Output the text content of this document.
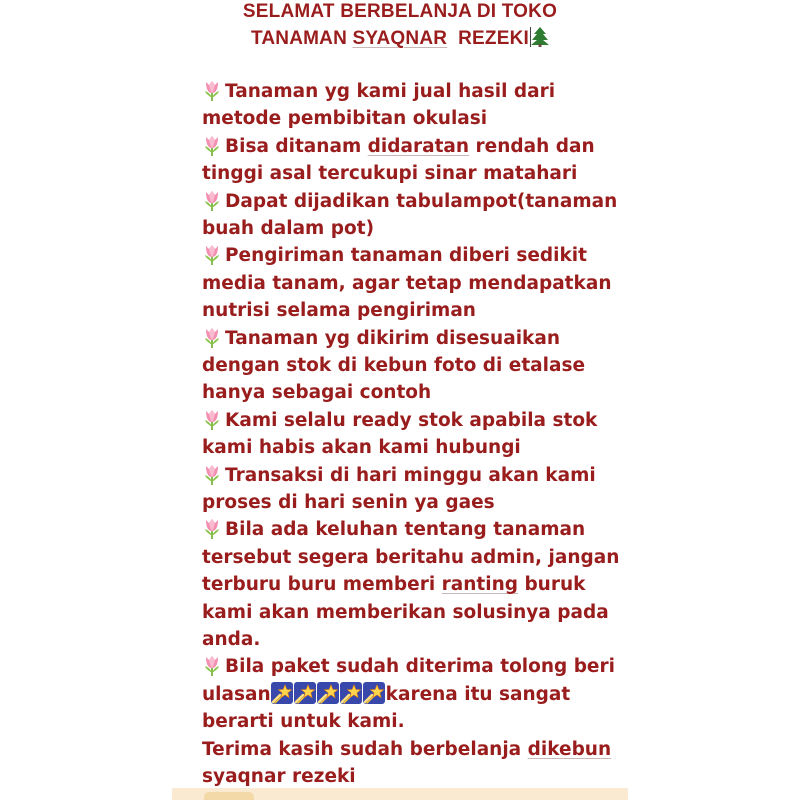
SELAMAT BERBELANJA DI TOKO
TANAMAN SYAQNAR  REZEKI
Tanaman yg kami jual hasil dari
metode pembibitan okulasi
Bisa ditanam didaratan rendah dan
tinggi asal tercukupi sinar matahari
Dapat dijadikan tabulampot(tanaman
buah dalam pot)
Pengiriman tanaman diberi sedikit
media tanam, agar tetap mendapatkan
nutrisi selama pengiriman
Tanaman yg dikirim disesuaikan
dengan stok di kebun foto di etalase
hanya sebagai contoh
Kami selalu ready stok apabila stok
kami habis akan kami hubungi
Transaksi di hari minggu akan kami
proses di hari senin ya gaes
Bila ada keluhan tentang tanaman
tersebut segera beritahu admin, jangan
terburu buru memberi ranting buruk
kami akan memberikan solusinya pada
anda.
Bila paket sudah diterima tolong beri
ulasan	karena itu sangat
berarti untuk kami.
Terima kasih sudah berbelanja dikebun
syaqnar rezeki
